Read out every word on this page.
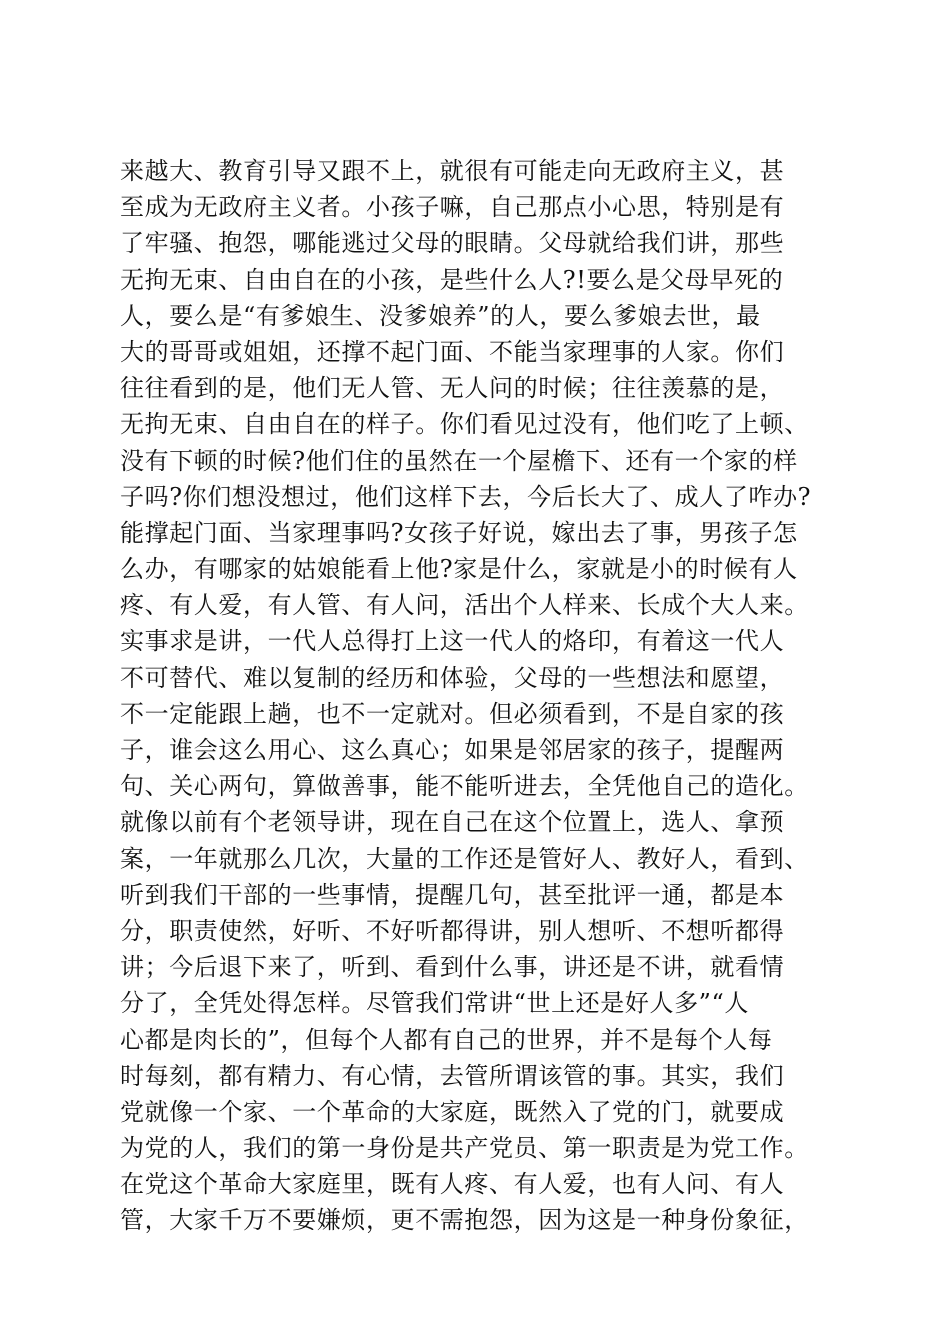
来越大、教育引导又跟不上，就很有可能走向无政府主义，甚
至成为无政府主义者。小孩子嘛，自己那点小心思，特别是有
了牢骚、抱怨，哪能逃过父母的眼睛。父母就给我们讲，那些
无拘无束、自由自在的小孩，是些什么人?!要么是父母早死的
人，要么是“有爹娘生、没爹娘养”的人，要么爹娘去世，最
大的哥哥或姐姐，还撑不起门面、不能当家理事的人家。你们
往往看到的是，他们无人管、无人问的时候；往往羡慕的是，
无拘无束、自由自在的样子。你们看见过没有，他们吃了上顿、
没有下顿的时候?他们住的虽然在一个屋檐下、还有一个家的样
子吗?你们想没想过，他们这样下去，今后长大了、成人了咋办?
能撑起门面、当家理事吗?女孩子好说，嫁出去了事，男孩子怎
么办，有哪家的姑娘能看上他?家是什么，家就是小的时候有人
疼、有人爱，有人管、有人问，活出个人样来、长成个大人来。
实事求是讲，一代人总得打上这一代人的烙印，有着这一代人
不可替代、难以复制的经历和体验，父母的一些想法和愿望，
不一定能跟上趟，也不一定就对。但必须看到，不是自家的孩
子，谁会这么用心、这么真心；如果是邻居家的孩子，提醒两
句、关心两句，算做善事，能不能听进去，全凭他自己的造化。
就像以前有个老领导讲，现在自己在这个位置上，选人、拿预
案，一年就那么几次，大量的工作还是管好人、教好人，看到、
听到我们干部的一些事情，提醒几句，甚至批评一通，都是本
分，职责使然，好听、不好听都得讲，别人想听、不想听都得
讲；今后退下来了，听到、看到什么事，讲还是不讲，就看情
分了，全凭处得怎样。尽管我们常讲“世上还是好人多”“人
心都是肉长的”，但每个人都有自己的世界，并不是每个人每
时每刻，都有精力、有心情，去管所谓该管的事。其实，我们
党就像一个家、一个革命的大家庭，既然入了党的门，就要成
为党的人，我们的第一身份是共产党员、第一职责是为党工作。
在党这个革命大家庭里，既有人疼、有人爱，也有人问、有人
管，大家千万不要嫌烦，更不需抱怨，因为这是一种身份象征，
